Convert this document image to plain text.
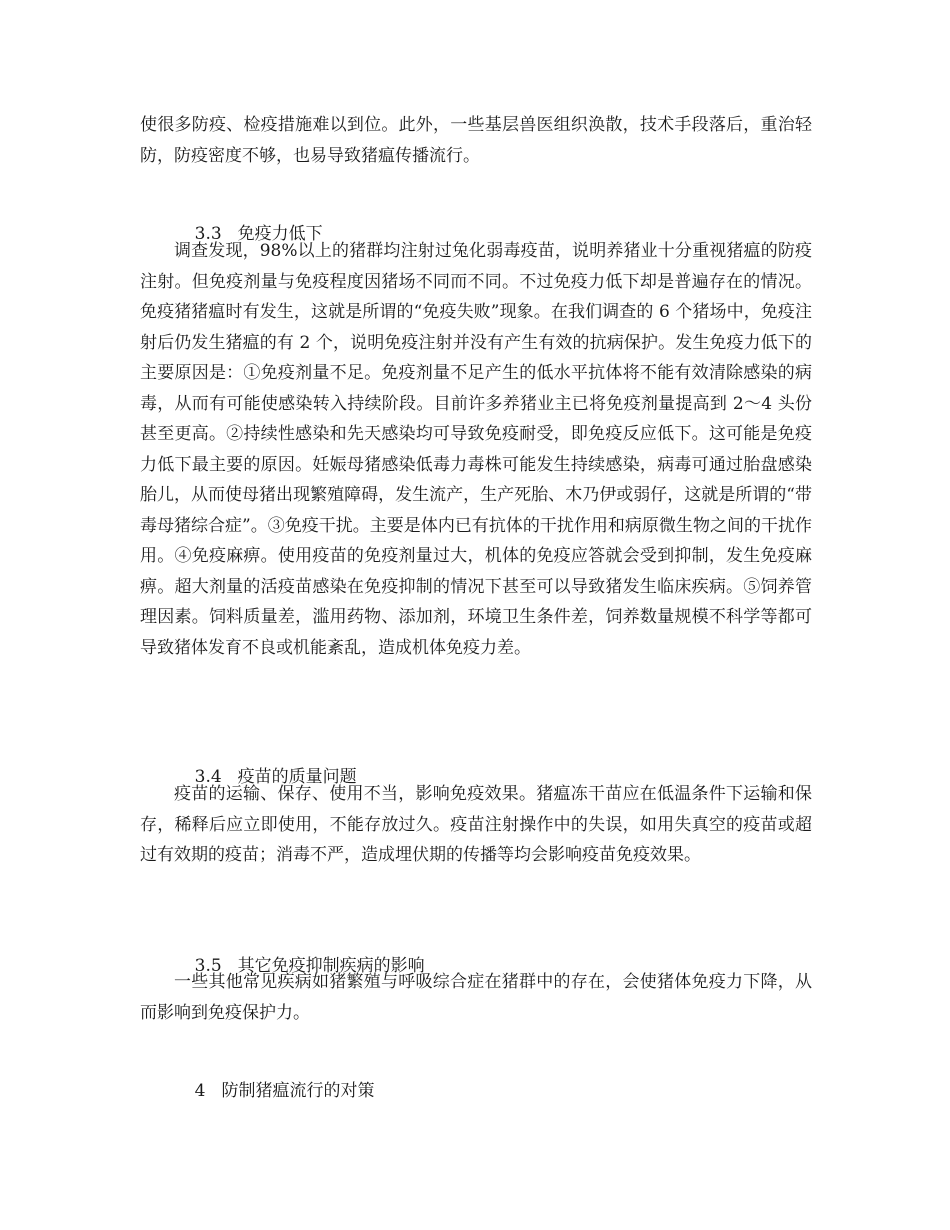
使很多防疫、检疫措施难以到位。此外，一些基层兽医组织涣散，技术手段落后，重治轻防，防疫密度不够，也易导致猪瘟传播流行。

3.3 免疫力低下

调查发现，98%以上的猪群均注射过兔化弱毒疫苗，说明养猪业十分重视猪瘟的防疫注射。但免疫剂量与免疫程度因猪场不同而不同。不过免疫力低下却是普遍存在的情况。免疫猪猪瘟时有发生，这就是所谓的“免疫失败”现象。在我们调查的 6 个猪场中，免疫注射后仍发生猪瘟的有 2 个，说明免疫注射并没有产生有效的抗病保护。发生免疫力低下的主要原因是：①免疫剂量不足。免疫剂量不足产生的低水平抗体将不能有效清除感染的病毒，从而有可能使感染转入持续阶段。目前许多养猪业主已将免疫剂量提高到 2～4 头份甚至更高。②持续性感染和先天感染均可导致免疫耐受，即免疫反应低下。这可能是免疫力低下最主要的原因。妊娠母猪感染低毒力毒株可能发生持续感染，病毒可通过胎盘感染胎儿，从而使母猪出现繁殖障碍，发生流产，生产死胎、木乃伊或弱仔，这就是所谓的“带毒母猪综合症”。③免疫干扰。主要是体内已有抗体的干扰作用和病原微生物之间的干扰作用。④免疫麻痹。使用疫苗的免疫剂量过大，机体的免疫应答就会受到抑制，发生免疫麻痹。超大剂量的活疫苗感染在免疫抑制的情况下甚至可以导致猪发生临床疾病。⑤饲养管理因素。饲料质量差，滥用药物、添加剂，环境卫生条件差，饲养数量规模不科学等都可导致猪体发育不良或机能紊乱，造成机体免疫力差。

3.4 疫苗的质量问题

疫苗的运输、保存、使用不当，影响免疫效果。猪瘟冻干苗应在低温条件下运输和保存，稀释后应立即使用，不能存放过久。疫苗注射操作中的失误，如用失真空的疫苗或超过有效期的疫苗；消毒不严，造成埋伏期的传播等均会影响疫苗免疫效果。

3.5 其它免疫抑制疾病的影响

一些其他常见疾病如猪繁殖与呼吸综合症在猪群中的存在，会使猪体免疫力下降，从而影响到免疫保护力。

4 防制猪瘟流行的对策
